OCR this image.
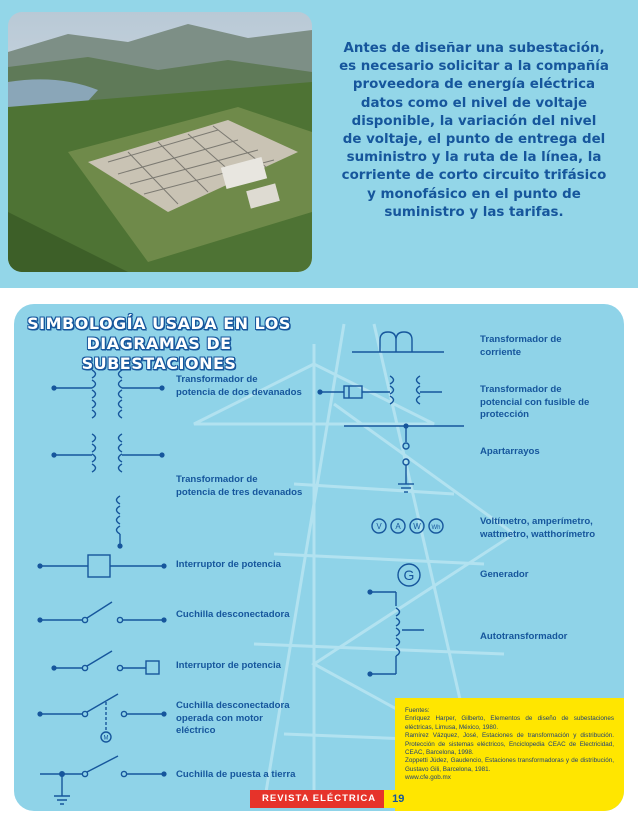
Antes de diseñar una subestación,
es necesario solicitar a la compañía
proveedora de energía eléctrica
datos como el nivel de voltaje
disponible, la variación del nivel
de voltaje, el punto de entrega del
suministro y la ruta de la línea, la
corriente de corto circuito trifásico
y monofásico en el punto de
suministro y las tarifas.
SIMBOLOGÍA USADA EN LOS
DIAGRAMAS DE SUBESTACIONES
V A W Wh
G
M
Transformador de
potencia de dos devanados
Transformador de
potencia de tres devanados
Interruptor de potencia
Cuchilla desconectadora
Interruptor de potencia
Cuchilla desconectadora
operada con motor
eléctrico
Cuchilla de puesta a tierra
Transformador de
corriente
Transformador de
potencial con fusible de
protección
Apartarrayos
Voltímetro, amperímetro,
wattmetro, watthorímetro
Generador
Autotransformador

Fuentes:

Enríquez Harper, Gilberto, Elementos de diseño de subestaciones eléctricas, Limusa, México, 1980.

Ramírez Vázquez, José, Estaciones de transformación y distribución. Protección de sistemas eléctricos, Enciclopedia CEAC de Electricidad, CEAC, Barcelona, 1998.

Zoppetti Júdez, Gaudencio, Estaciones transformadoras y de distribución, Gustavo Gili, Barcelona, 1981.

www.cfe.gob.mx

REVISTA ELÉCTRICA	19
